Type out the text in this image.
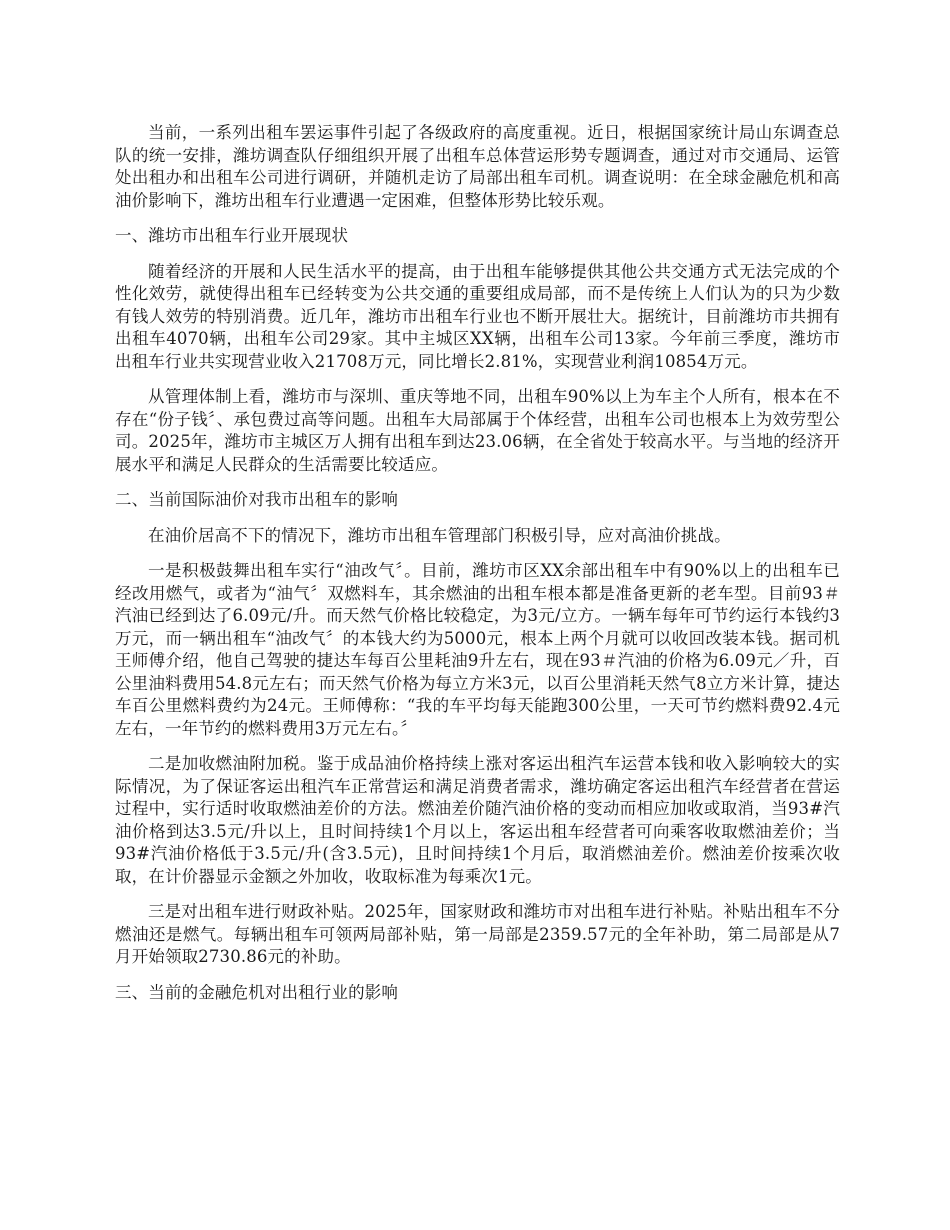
当前，一系列出租车罢运事件引起了各级政府的高度重视。近日，根据国家统计局山东调查总队的统一安排，潍坊调查队仔细组织开展了出租车总体营运形势专题调查，通过对市交通局、运管处出租办和出租车公司进行调研，并随机走访了局部出租车司机。调查说明：在全球金融危机和高油价影响下，潍坊出租车行业遭遇一定困难，但整体形势比较乐观。

一、潍坊市出租车行业开展现状

随着经济的开展和人民生活水平的提高，由于出租车能够提供其他公共交通方式无法完成的个性化效劳，就使得出租车已经转变为公共交通的重要组成局部，而不是传统上人们认为的只为少数有钱人效劳的特别消费。近几年，潍坊市出租车行业也不断开展壮大。据统计，目前潍坊市共拥有出租车4070辆，出租车公司29家。其中主城区XX辆，出租车公司13家。今年前三季度，潍坊市出租车行业共实现营业收入21708万元，同比增长2.81%，实现营业利润10854万元。

从管理体制上看，潍坊市与深圳、重庆等地不同，出租车90%以上为车主个人所有，根本在不存在“份子钱〞、承包费过高等问题。出租车大局部属于个体经营，出租车公司也根本上为效劳型公司。2025年，潍坊市主城区万人拥有出租车到达23.06辆，在全省处于较高水平。与当地的经济开展水平和满足人民群众的生活需要比较适应。

二、当前国际油价对我市出租车的影响

在油价居高不下的情况下，潍坊市出租车管理部门积极引导，应对高油价挑战。

一是积极鼓舞出租车实行“油改气〞。目前，潍坊市区XX余部出租车中有90%以上的出租车已经改用燃气，或者为“油气〞双燃料车，其余燃油的出租车根本都是准备更新的老车型。目前93＃汽油已经到达了6.09元/升。而天然气价格比较稳定，为3元/立方。一辆车每年可节约运行本钱约3万元，而一辆出租车“油改气〞的本钱大约为5000元，根本上两个月就可以收回改装本钱。据司机王师傅介绍，他自己驾驶的捷达车每百公里耗油9升左右，现在93＃汽油的价格为6.09元／升，百公里油料费用54.8元左右；而天然气价格为每立方米3元，以百公里消耗天然气8立方米计算，捷达车百公里燃料费约为24元。王师傅称：“我的车平均每天能跑300公里，一天可节约燃料费92.4元左右，一年节约的燃料费用3万元左右。〞

二是加收燃油附加税。鉴于成品油价格持续上涨对客运出租汽车运营本钱和收入影响较大的实际情况，为了保证客运出租汽车正常营运和满足消费者需求，潍坊确定客运出租汽车经营者在营运过程中，实行适时收取燃油差价的方法。燃油差价随汽油价格的变动而相应加收或取消，当93#汽油价格到达3.5元/升以上，且时间持续1个月以上，客运出租车经营者可向乘客收取燃油差价；当93#汽油价格低于3.5元/升(含3.5元)，且时间持续1个月后，取消燃油差价。燃油差价按乘次收取，在计价器显示金额之外加收，收取标准为每乘次1元。

三是对出租车进行财政补贴。2025年，国家财政和潍坊市对出租车进行补贴。补贴出租车不分燃油还是燃气。每辆出租车可领两局部补贴，第一局部是2359.57元的全年补助，第二局部是从7月开始领取2730.86元的补助。

三、当前的金融危机对出租行业的影响
